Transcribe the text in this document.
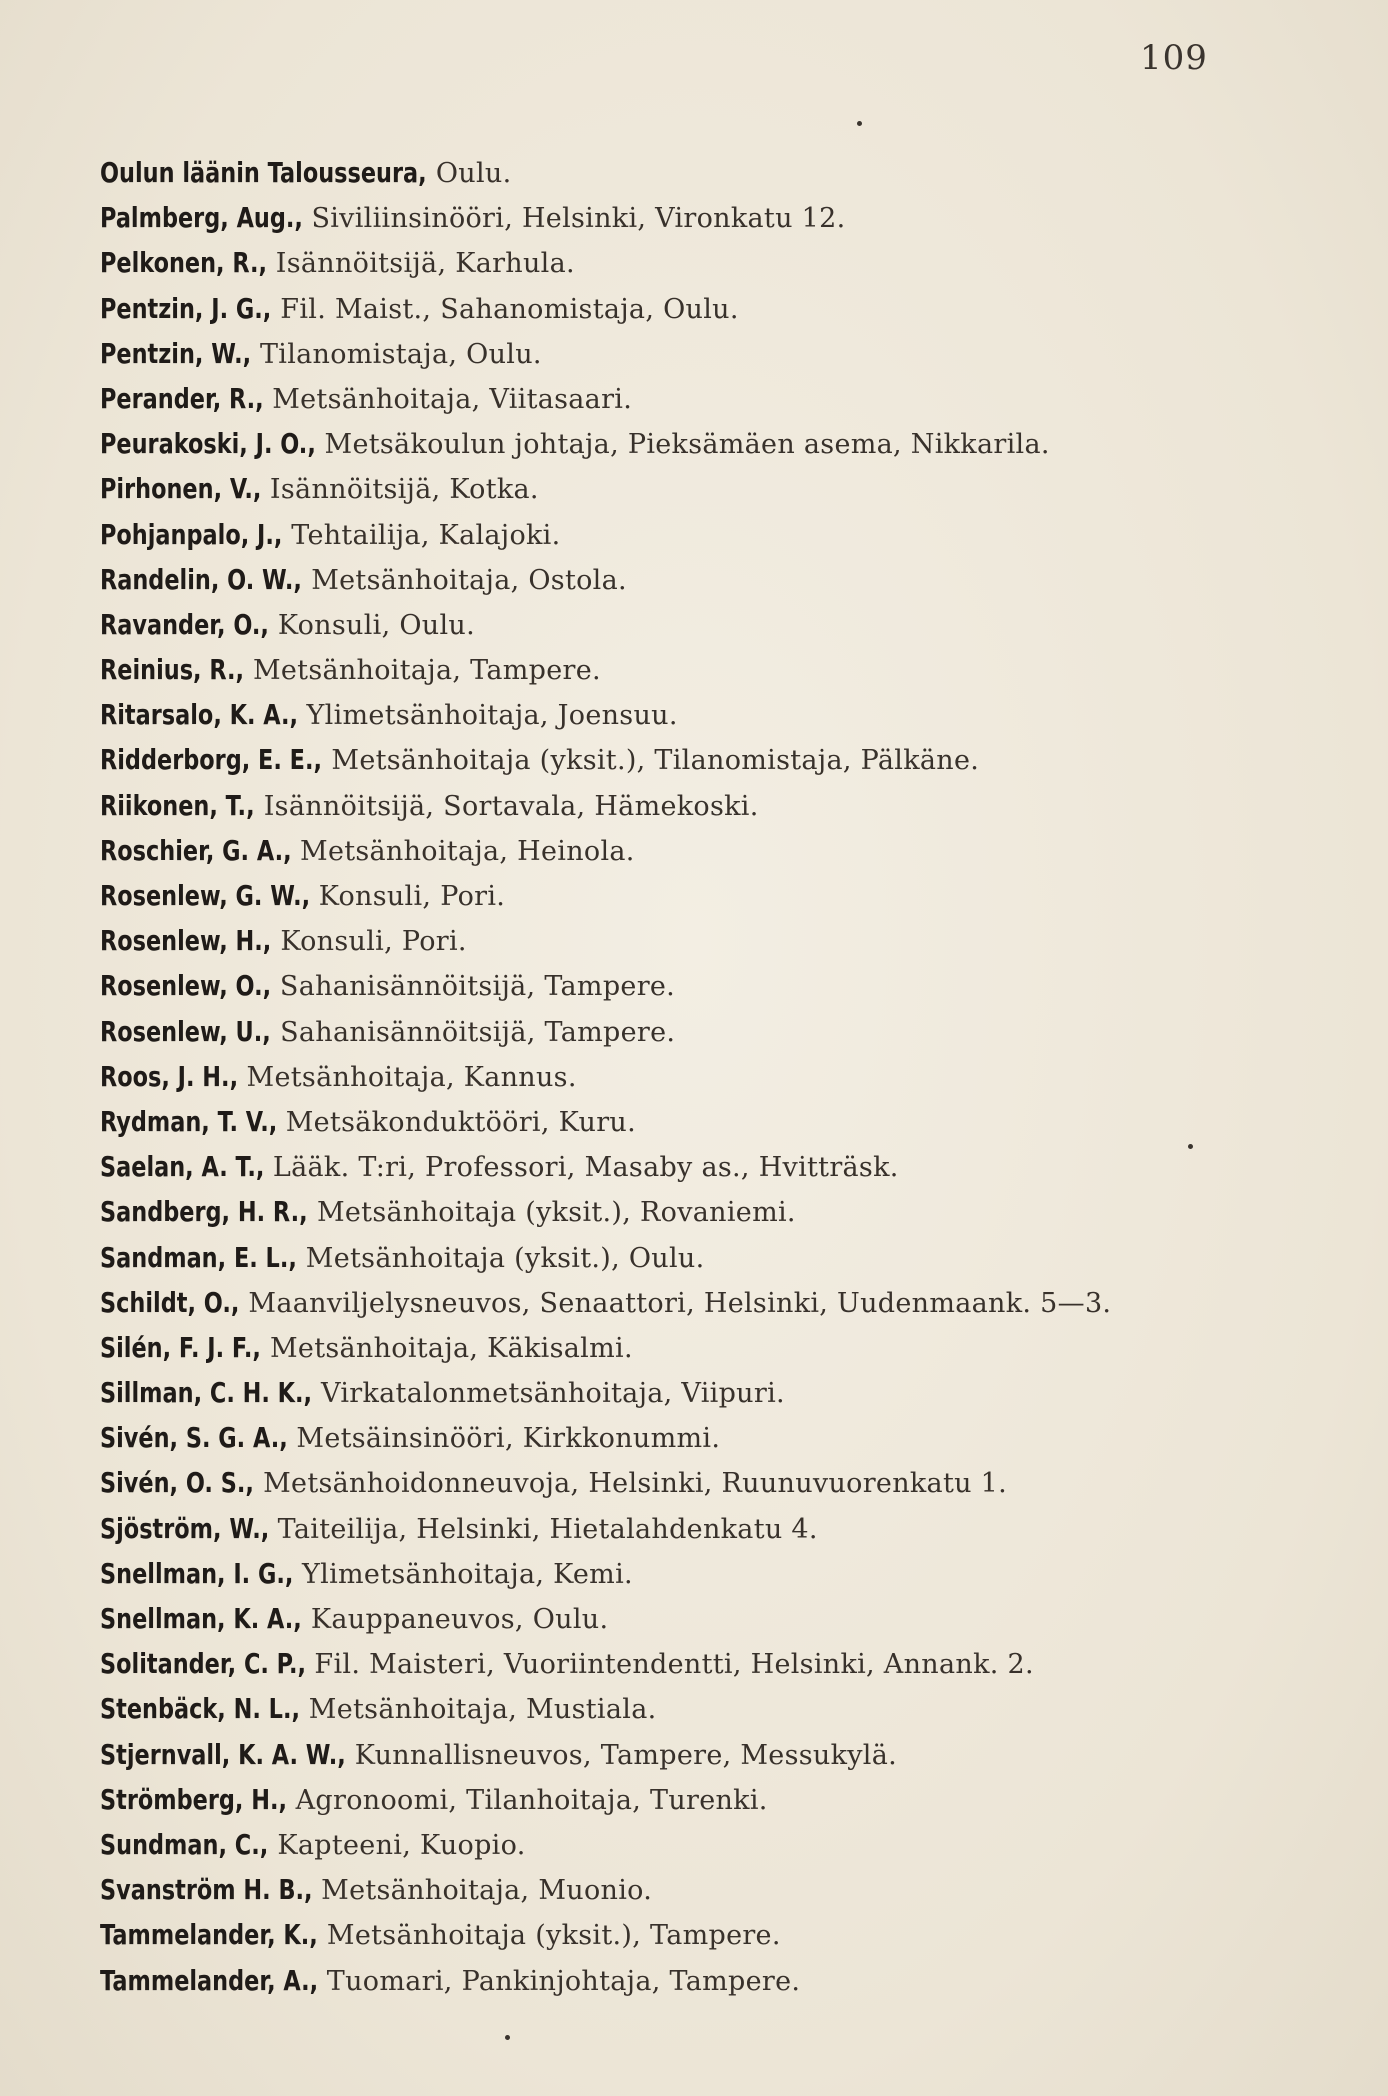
109
Oulun läänin Talousseura, Oulu.
Palmberg, Aug., Siviliinsinööri, Helsinki, Vironkatu 12.
Pelkonen, R., Isännöitsijä, Karhula.
Pentzin, J. G., Fil. Maist., Sahanomistaja, Oulu.
Pentzin, W., Tilanomistaja, Oulu.
Perander, R., Metsänhoitaja, Viitasaari.
Peurakoski, J. O., Metsäkoulun johtaja, Pieksämäen asema, Nikkarila.
Pirhonen, V., Isännöitsijä, Kotka.
Pohjanpalo, J., Tehtailija, Kalajoki.
Randelin, O. W., Metsänhoitaja, Ostola.
Ravander, O., Konsuli, Oulu.
Reinius, R., Metsänhoitaja, Tampere.
Ritarsalo, K. A., Ylimetsänhoitaja, Joensuu.
Ridderborg, E. E., Metsänhoitaja (yksit.), Tilanomistaja, Pälkäne.
Riikonen, T., Isännöitsijä, Sortavala, Hämekoski.
Roschier, G. A., Metsänhoitaja, Heinola.
Rosenlew, G. W., Konsuli, Pori.
Rosenlew, H., Konsuli, Pori.
Rosenlew, O., Sahanisännöitsijä, Tampere.
Rosenlew, U., Sahanisännöitsijä, Tampere.
Roos, J. H., Metsänhoitaja, Kannus.
Rydman, T. V., Metsäkonduktööri, Kuru.
Saelan, A. T., Lääk. T:ri, Professori, Masaby as., Hvitträsk.
Sandberg, H. R., Metsänhoitaja (yksit.), Rovaniemi.
Sandman, E. L., Metsänhoitaja (yksit.), Oulu.
Schildt, O., Maanviljelysneuvos, Senaattori, Helsinki, Uudenmaank. 5—3.
Silén, F. J. F., Metsänhoitaja, Käkisalmi.
Sillman, C. H. K., Virkatalonmetsänhoitaja, Viipuri.
Sivén, S. G. A., Metsäinsinööri, Kirkkonummi.
Sivén, O. S., Metsänhoidonneuvoja, Helsinki, Ruunuvuorenkatu 1.
Sjöström, W., Taiteilija, Helsinki, Hietalahdenkatu 4.
Snellman, I. G., Ylimetsänhoitaja, Kemi.
Snellman, K. A., Kauppaneuvos, Oulu.
Solitander, C. P., Fil. Maisteri, Vuoriintendentti, Helsinki, Annank. 2.
Stenbäck, N. L., Metsänhoitaja, Mustiala.
Stjernvall, K. A. W., Kunnallisneuvos, Tampere, Messukylä.
Strömberg, H., Agronoomi, Tilanhoitaja, Turenki.
Sundman, C., Kapteeni, Kuopio.
Svanström H. B., Metsänhoitaja, Muonio.
Tammelander, K., Metsänhoitaja (yksit.), Tampere.
Tammelander, A., Tuomari, Pankinjohtaja, Tampere.
